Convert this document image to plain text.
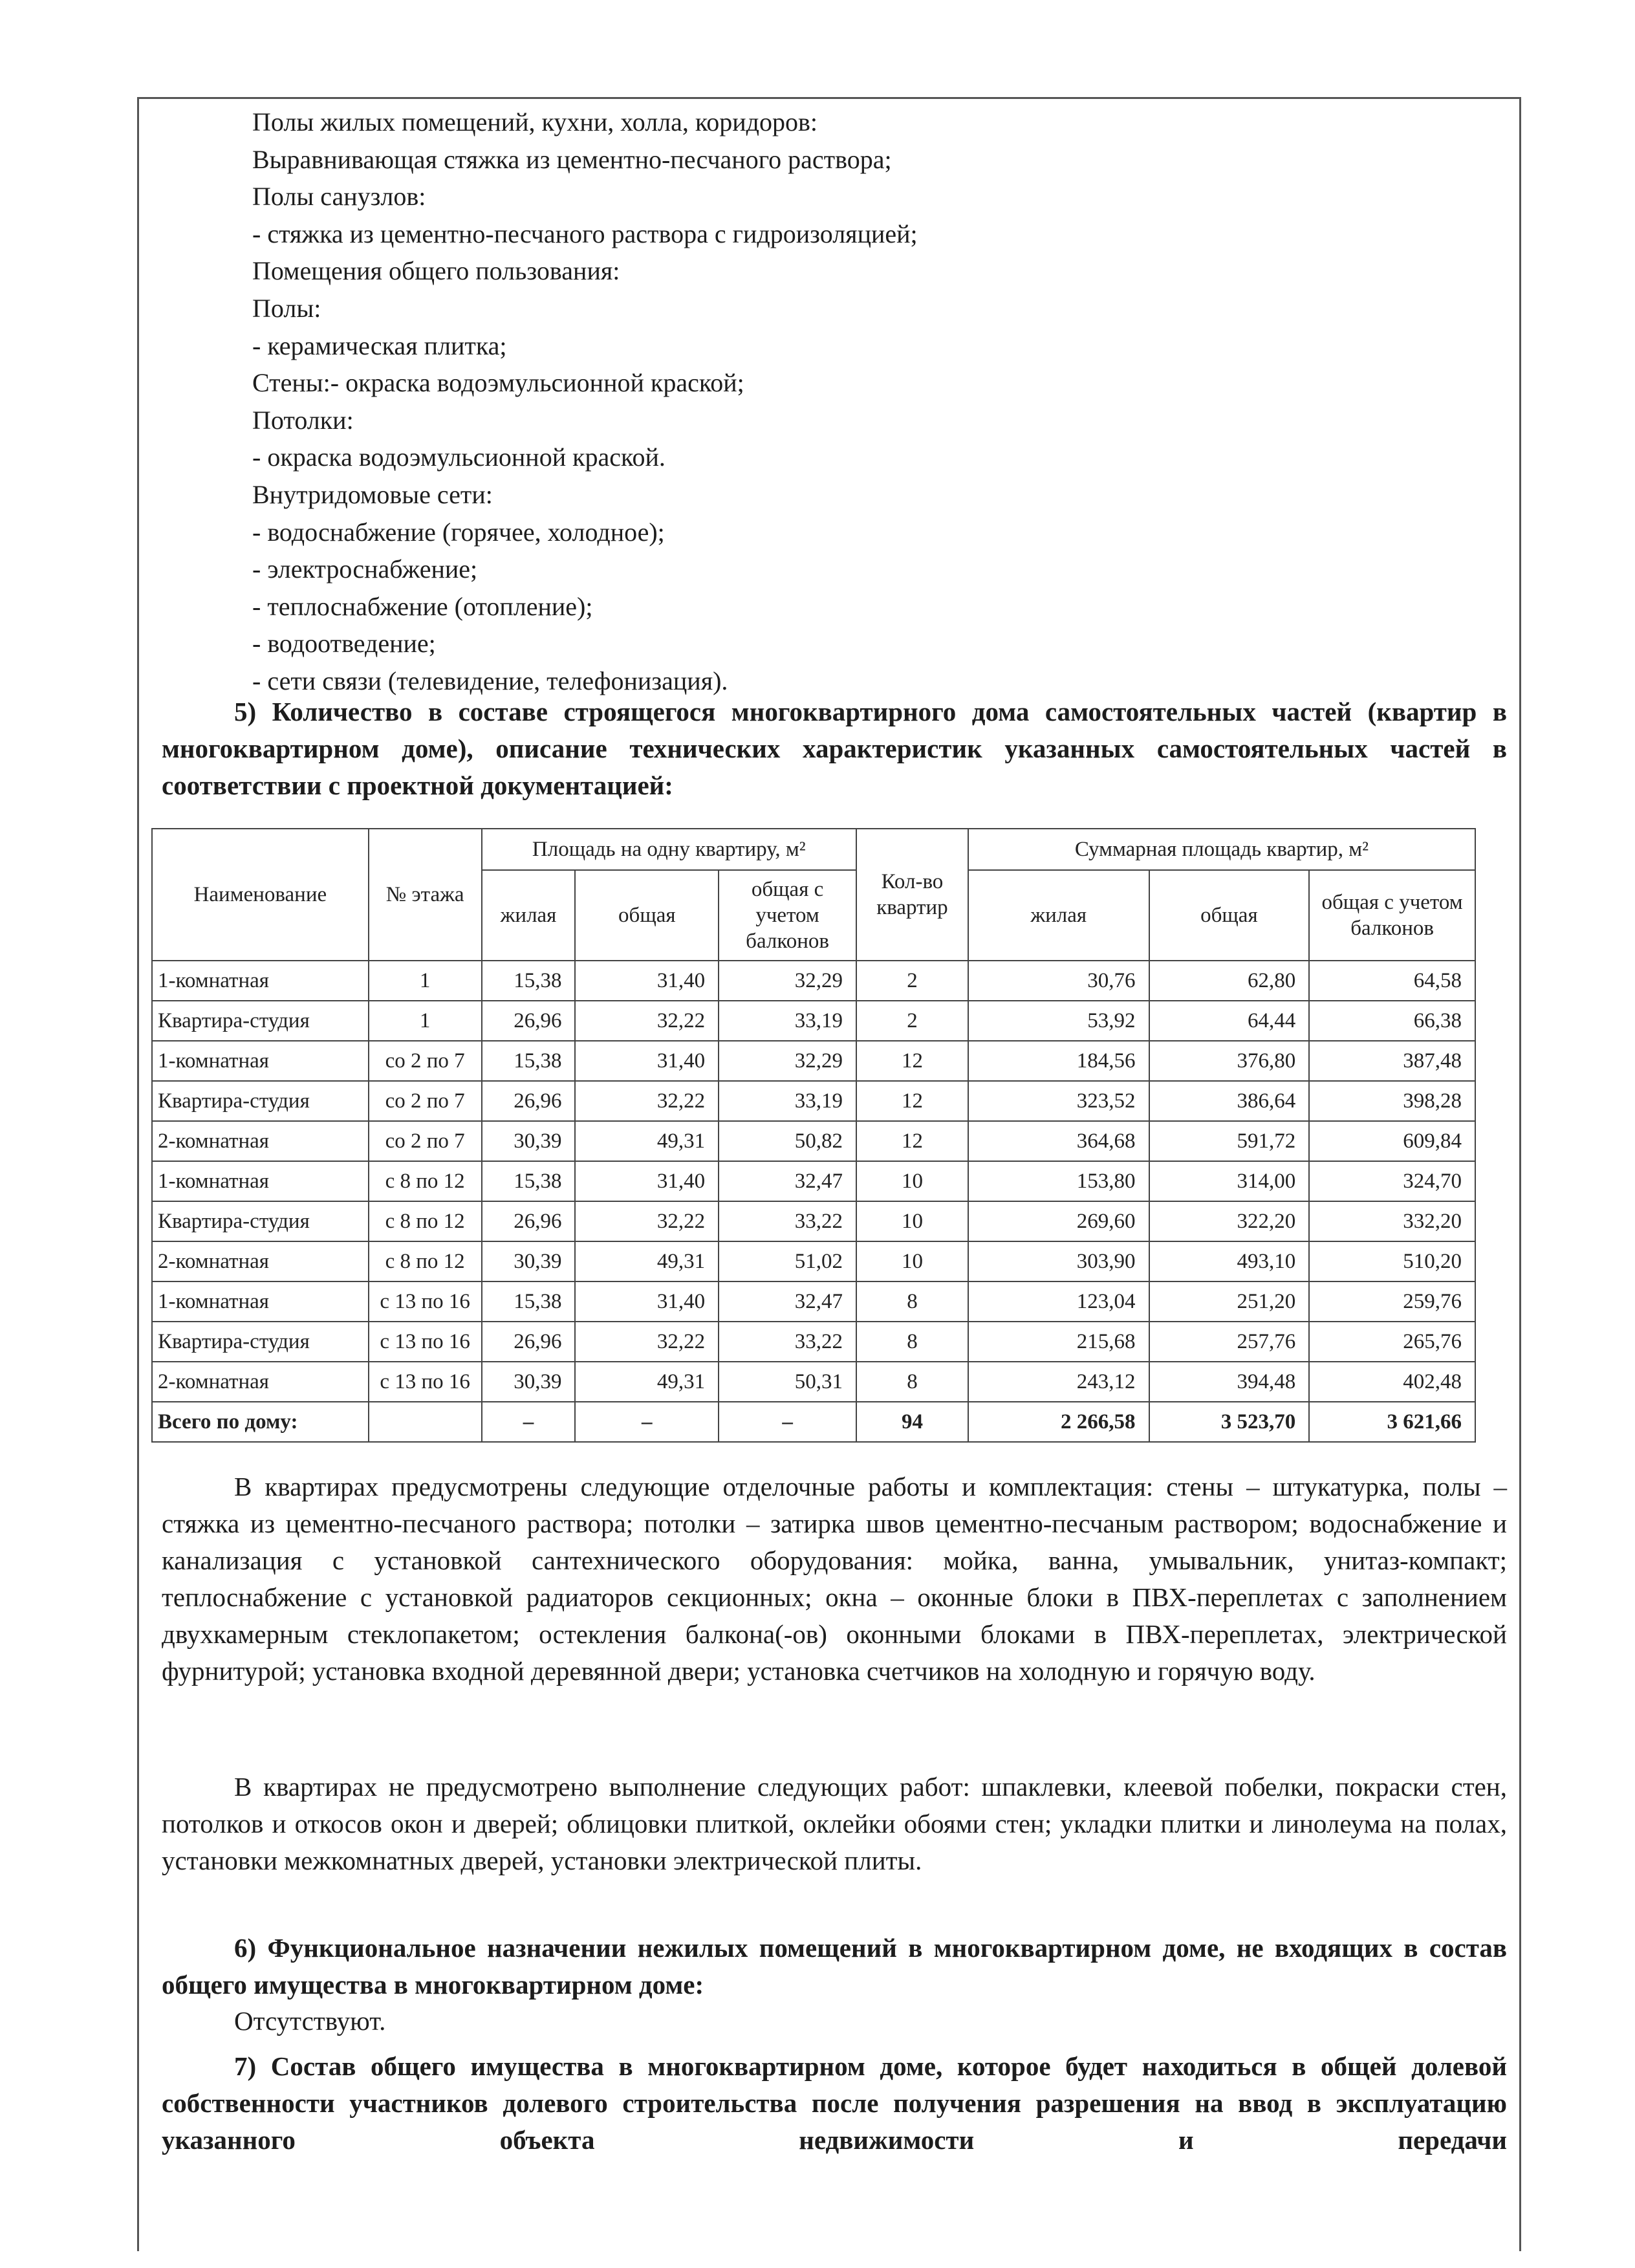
Полы жилых помещений, кухни, холла, коридоров:
Выравнивающая стяжка из цементно-песчаного раствора;
Полы санузлов:
- стяжка из цементно-песчаного раствора с гидроизоляцией;
Помещения общего пользования:
Полы:
- керамическая плитка;
Стены:- окраска водоэмульсионной краской;
Потолки:
- окраска водоэмульсионной краской.
Внутридомовые сети:
- водоснабжение (горячее, холодное);
- электроснабжение;
- теплоснабжение (отопление);
- водоотведение;
- сети связи (телевидение, телефонизация).

5) Количество в составе строящегося многоквартирного дома самостоятельных частей (квартир в многоквартирном доме), описание технических характеристик указанных самостоятельных частей в соответствии с проектной документацией:

Наименование	№ этажа	Площадь на одну квартиру, м²			Кол-во квартир	Суммарная площадь квартир, м²		
		жилая	общая	общая с учетом балконов		жилая	общая	общая с учетом балконов
1-комнатная	1	15,38	31,40	32,29	2	30,76	62,80	64,58
Квартира-студия	1	26,96	32,22	33,19	2	53,92	64,44	66,38
1-комнатная	со 2 по 7	15,38	31,40	32,29	12	184,56	376,80	387,48
Квартира-студия	со 2 по 7	26,96	32,22	33,19	12	323,52	386,64	398,28
2-комнатная	со 2 по 7	30,39	49,31	50,82	12	364,68	591,72	609,84
1-комнатная	с 8 по 12	15,38	31,40	32,47	10	153,80	314,00	324,70
Квартира-студия	с 8 по 12	26,96	32,22	33,22	10	269,60	322,20	332,20
2-комнатная	с 8 по 12	30,39	49,31	51,02	10	303,90	493,10	510,20
1-комнатная	с 13 по 16	15,38	31,40	32,47	8	123,04	251,20	259,76
Квартира-студия	с 13 по 16	26,96	32,22	33,22	8	215,68	257,76	265,76
2-комнатная	с 13 по 16	30,39	49,31	50,31	8	243,12	394,48	402,48
Всего по дому:		–	–	–	94	2 266,58	3 523,70	3 621,66

В квартирах предусмотрены следующие отделочные работы и комплектация: стены – штукатурка, полы – стяжка из цементно-песчаного раствора; потолки – затирка швов цементно-песчаным раствором; водоснабжение и канализация с установкой сантехнического оборудования: мойка, ванна, умывальник, унитаз-компакт; теплоснабжение с установкой радиаторов секционных; окна – оконные блоки в ПВХ-переплетах с заполнением двухкамерным стеклопакетом; остекления балкона(-ов) оконными блоками в ПВХ-переплетах, электрической фурнитурой; установка входной деревянной двери; установка счетчиков на холодную и горячую воду.

В квартирах не предусмотрено выполнение следующих работ: шпаклевки, клеевой побелки, покраски стен, потолков и откосов окон и дверей; облицовки плиткой, оклейки обоями стен; укладки плитки и линолеума на полах, установки межкомнатных дверей, установки электрической плиты.

6) Функциональное назначении нежилых помещений в многоквартирном доме, не входящих в состав общего имущества в многоквартирном доме:

Отсутствуют.

7) Состав общего имущества в многоквартирном доме, которое будет находиться в общей долевой собственности участников долевого строительства после получения разрешения на ввод в эксплуатацию указанного объекта недвижимости и передачи
